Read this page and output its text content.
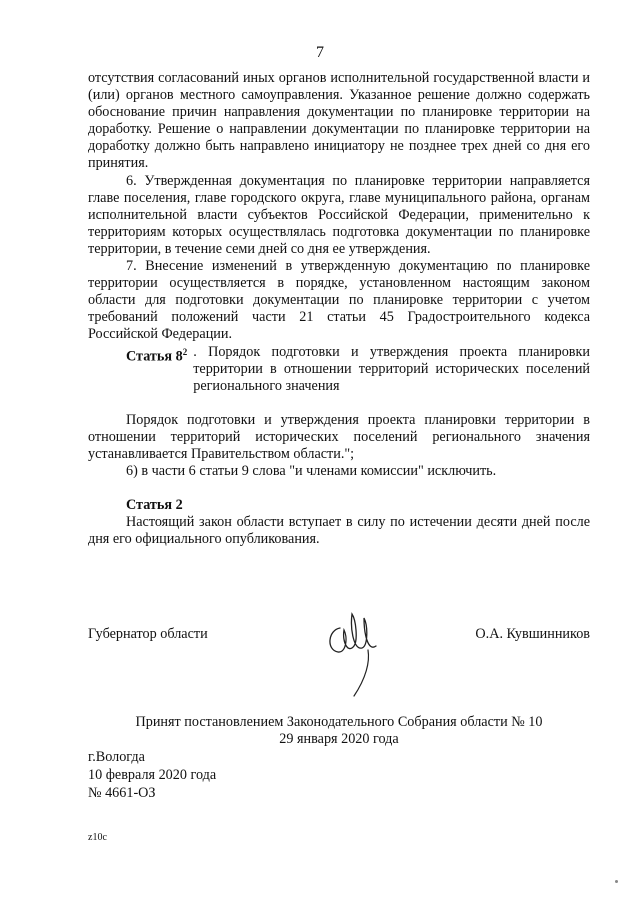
7

отсутствия согласований иных органов исполнительной государственной власти и (или) органов местного самоуправления. Указанное решение должно содержать обоснование причин направления документации по планировке территории на доработку. Решение о направлении документации по планировке территории на доработку должно быть направлено инициатору не позднее трех дней со дня его принятия.

6. Утвержденная документация по планировке территории направляется главе поселения, главе городского округа, главе муниципального района, органам исполнительной власти субъектов Российской Федерации, применительно к территориям которых осуществлялась подготовка документации по планировке территории, в течение семи дней со дня ее утверждения.

7. Внесение изменений в утвержденную документацию по планировке территории осуществляется в порядке, установленном настоящим законом области для подготовки документации по планировке территории с учетом требований положений части 21 статьи 45 Градостроительного кодекса Российской Федерации.

Статья $8^2$ . Порядок подготовки и утверждения проекта планировки территории в отношении территорий исторических поселений регионального значения

Порядок подготовки и утверждения проекта планировки территории в отношении территорий исторических поселений регионального значения устанавливается Правительством области.";

6) в части 6 статьи 9 слова "и членами комиссии" исключить.

Статья 2

Настоящий закон области вступает в силу по истечении десяти дней после дня его официального опубликования.

Губернатор области	О.А. Кувшинников
Принят постановлением Законодательного Собрания области № 10
29 января 2020 года
г.Вологда
10 февраля 2020 года
№ 4661-ОЗ
z10c
